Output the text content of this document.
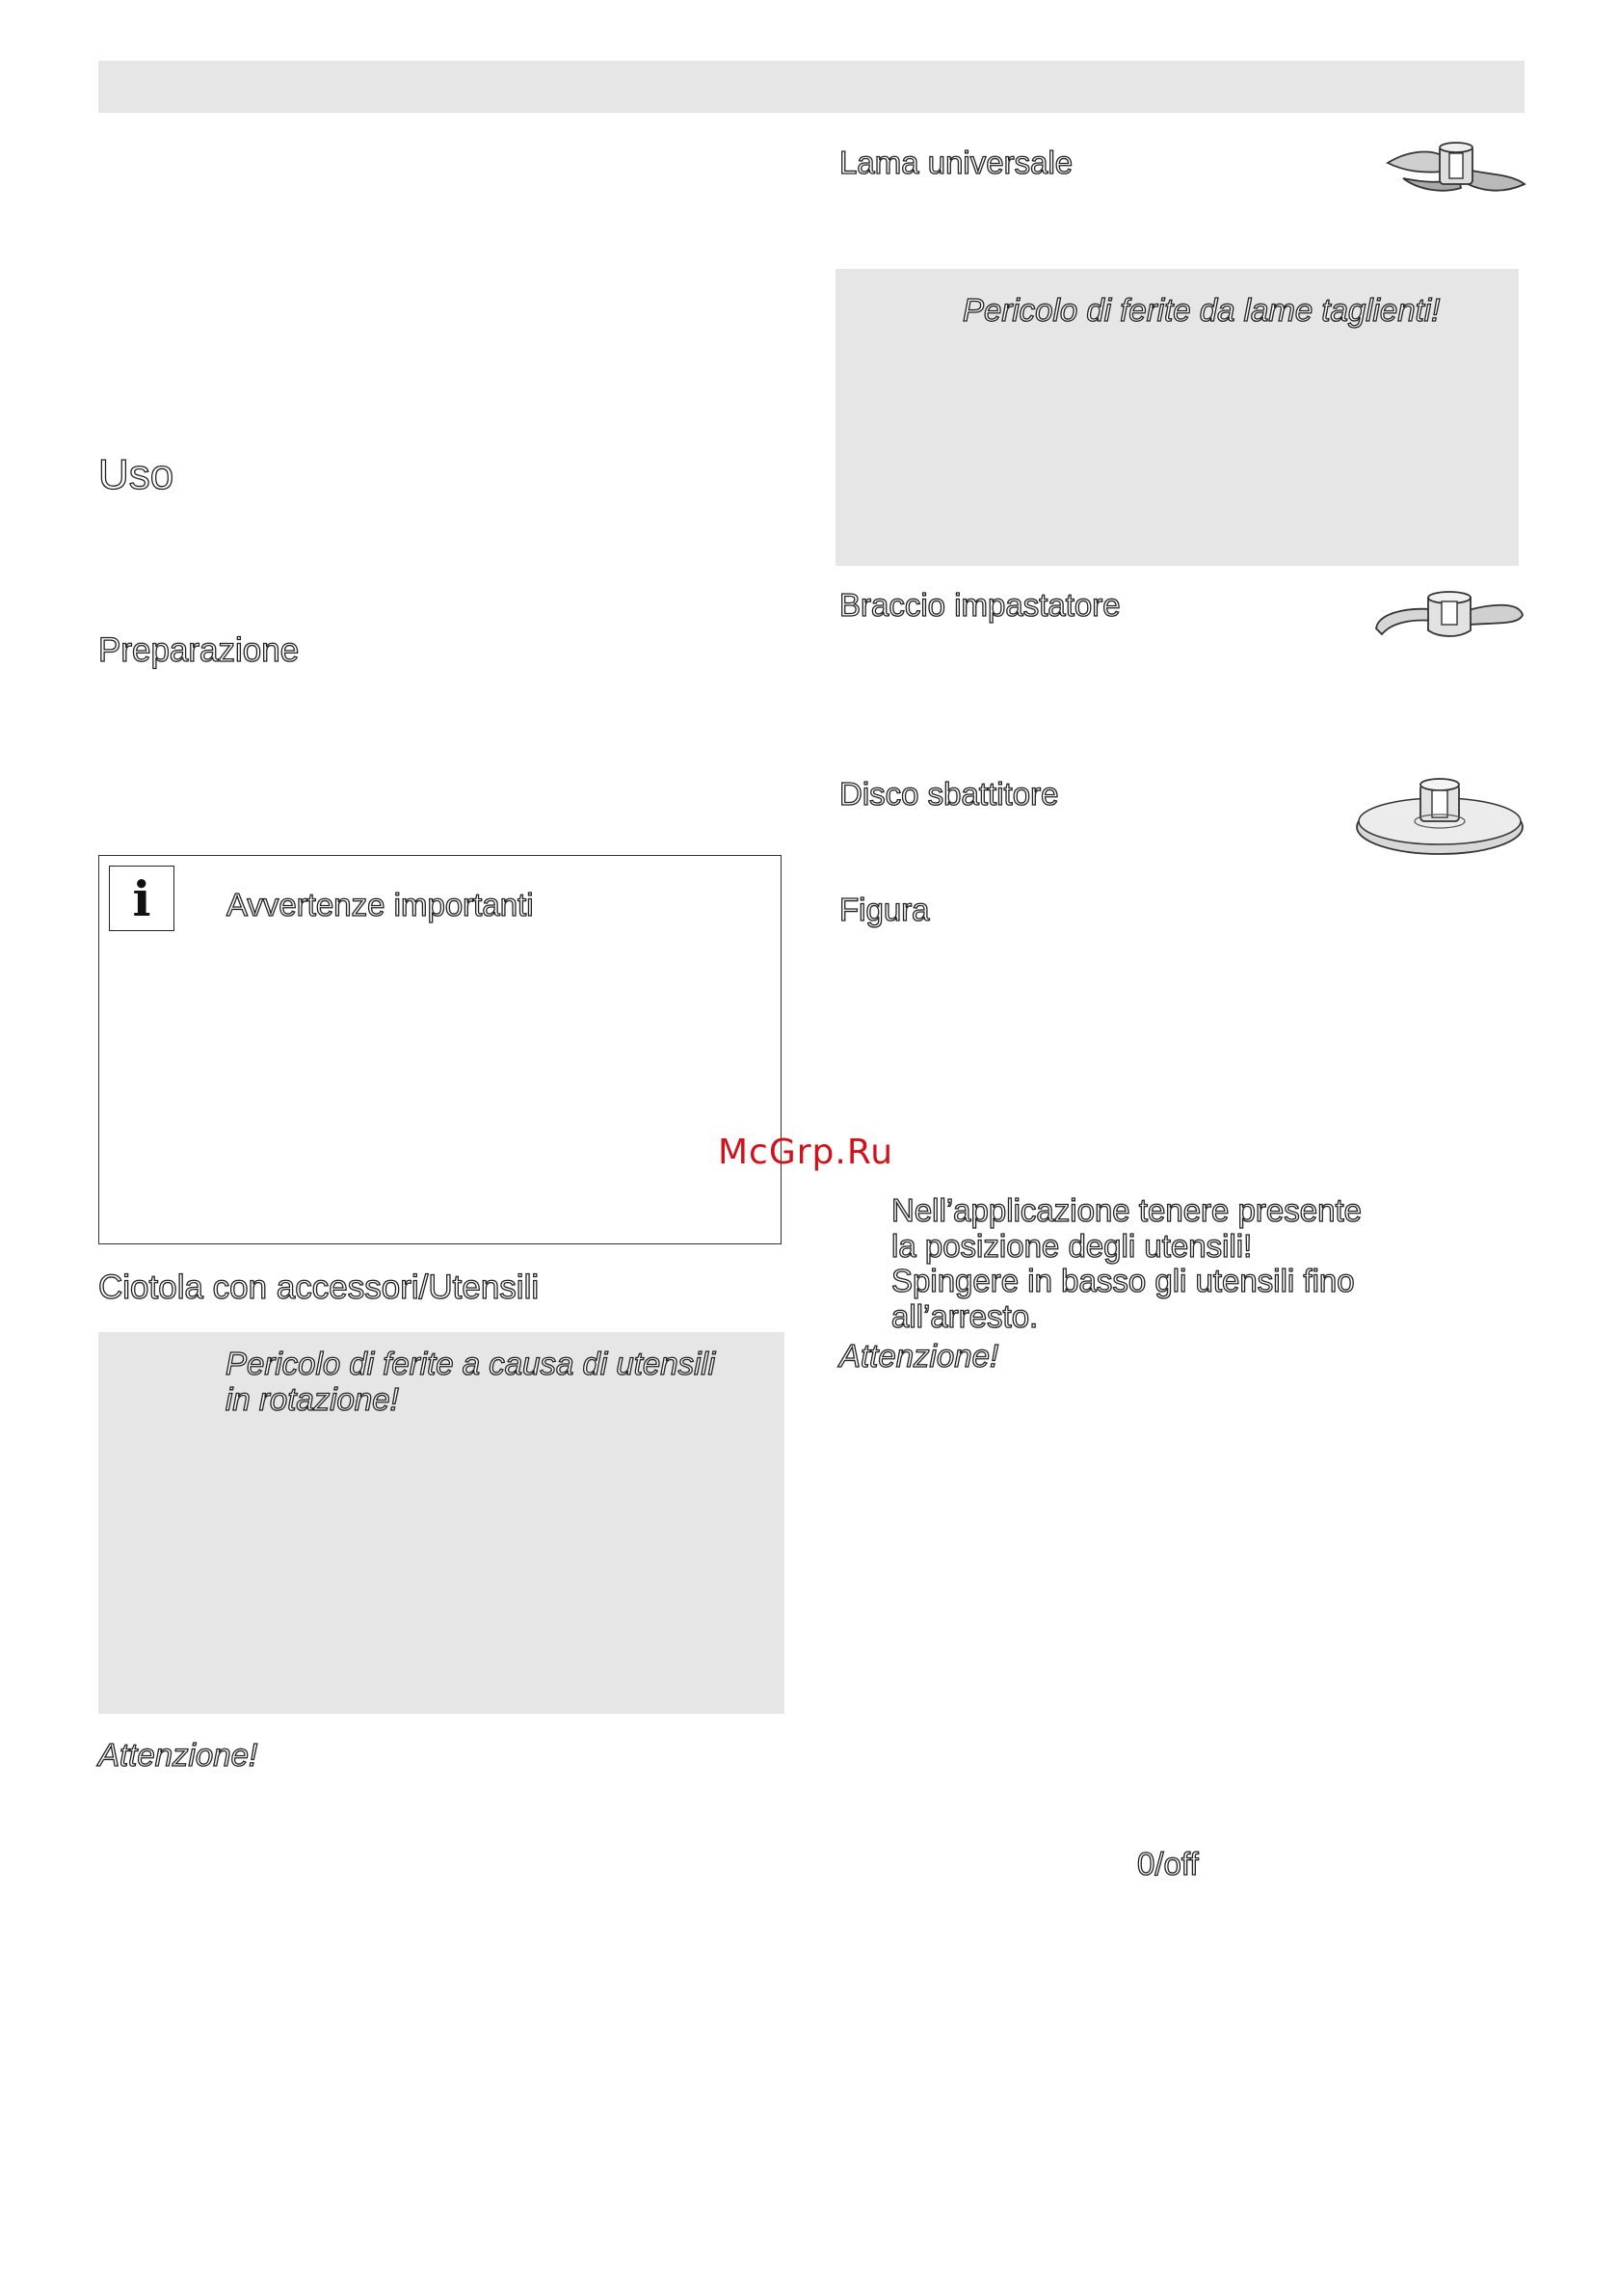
Uso
Preparazione
i	Avvertenze importanti
Ciotola con accessori/Utensili
Pericolo di ferite a causa di utensili
in rotazione!
Attenzione!
Lama universale
Pericolo di ferite da lame taglienti!
Braccio impastatore
Disco sbattitore
Figura
McGrp.Ru
Nell’applicazione tenere presente
la posizione degli utensili!
Spingere in basso gli utensili fino
all’arresto.
Attenzione!
0/off
